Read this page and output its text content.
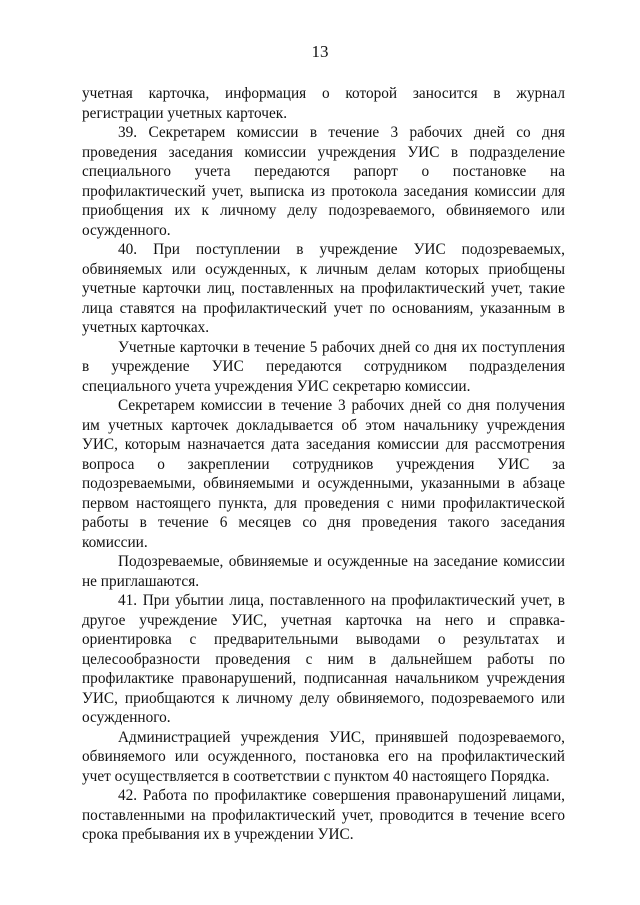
13

учетная карточка, информация о которой заносится в журнал регистрации учетных карточек.

39. Секретарем комиссии в течение 3 рабочих дней со дня проведения заседания комиссии учреждения УИС в подразделение специального учета передаются рапорт о постановке на профилактический учет, выписка из протокола заседания комиссии для приобщения их к личному делу подозреваемого, обвиняемого или осужденного.

40. При поступлении в учреждение УИС подозреваемых, обвиняемых или осужденных, к личным делам которых приобщены учетные карточки лиц, поставленных на профилактический учет, такие лица ставятся на профилактический учет по основаниям, указанным в учетных карточках.

Учетные карточки в течение 5 рабочих дней со дня их поступления в учреждение УИС передаются сотрудником подразделения специального учета учреждения УИС секретарю комиссии.

Секретарем комиссии в течение 3 рабочих дней со дня получения им учетных карточек докладывается об этом начальнику учреждения УИС, которым назначается дата заседания комиссии для рассмотрения вопроса о закреплении сотрудников учреждения УИС за подозреваемыми, обвиняемыми и осужденными, указанными в абзаце первом настоящего пункта, для проведения с ними профилактической работы в течение 6 месяцев со дня проведения такого заседания комиссии.

Подозреваемые, обвиняемые и осужденные на заседание комиссии не приглашаются.

41. При убытии лица, поставленного на профилактический учет, в другое учреждение УИС, учетная карточка на него и справка-ориентировка с предварительными выводами о результатах и целесообразности проведения с ним в дальнейшем работы по профилактике правонарушений, подписанная начальником учреждения УИС, приобщаются к личному делу обвиняемого, подозреваемого или осужденного.

Администрацией учреждения УИС, принявшей подозреваемого, обвиняемого или осужденного, постановка его на профилактический учет осуществляется в соответствии с пунктом 40 настоящего Порядка.

42. Работа по профилактике совершения правонарушений лицами, поставленными на профилактический учет, проводится в течение всего срока пребывания их в учреждении УИС.
